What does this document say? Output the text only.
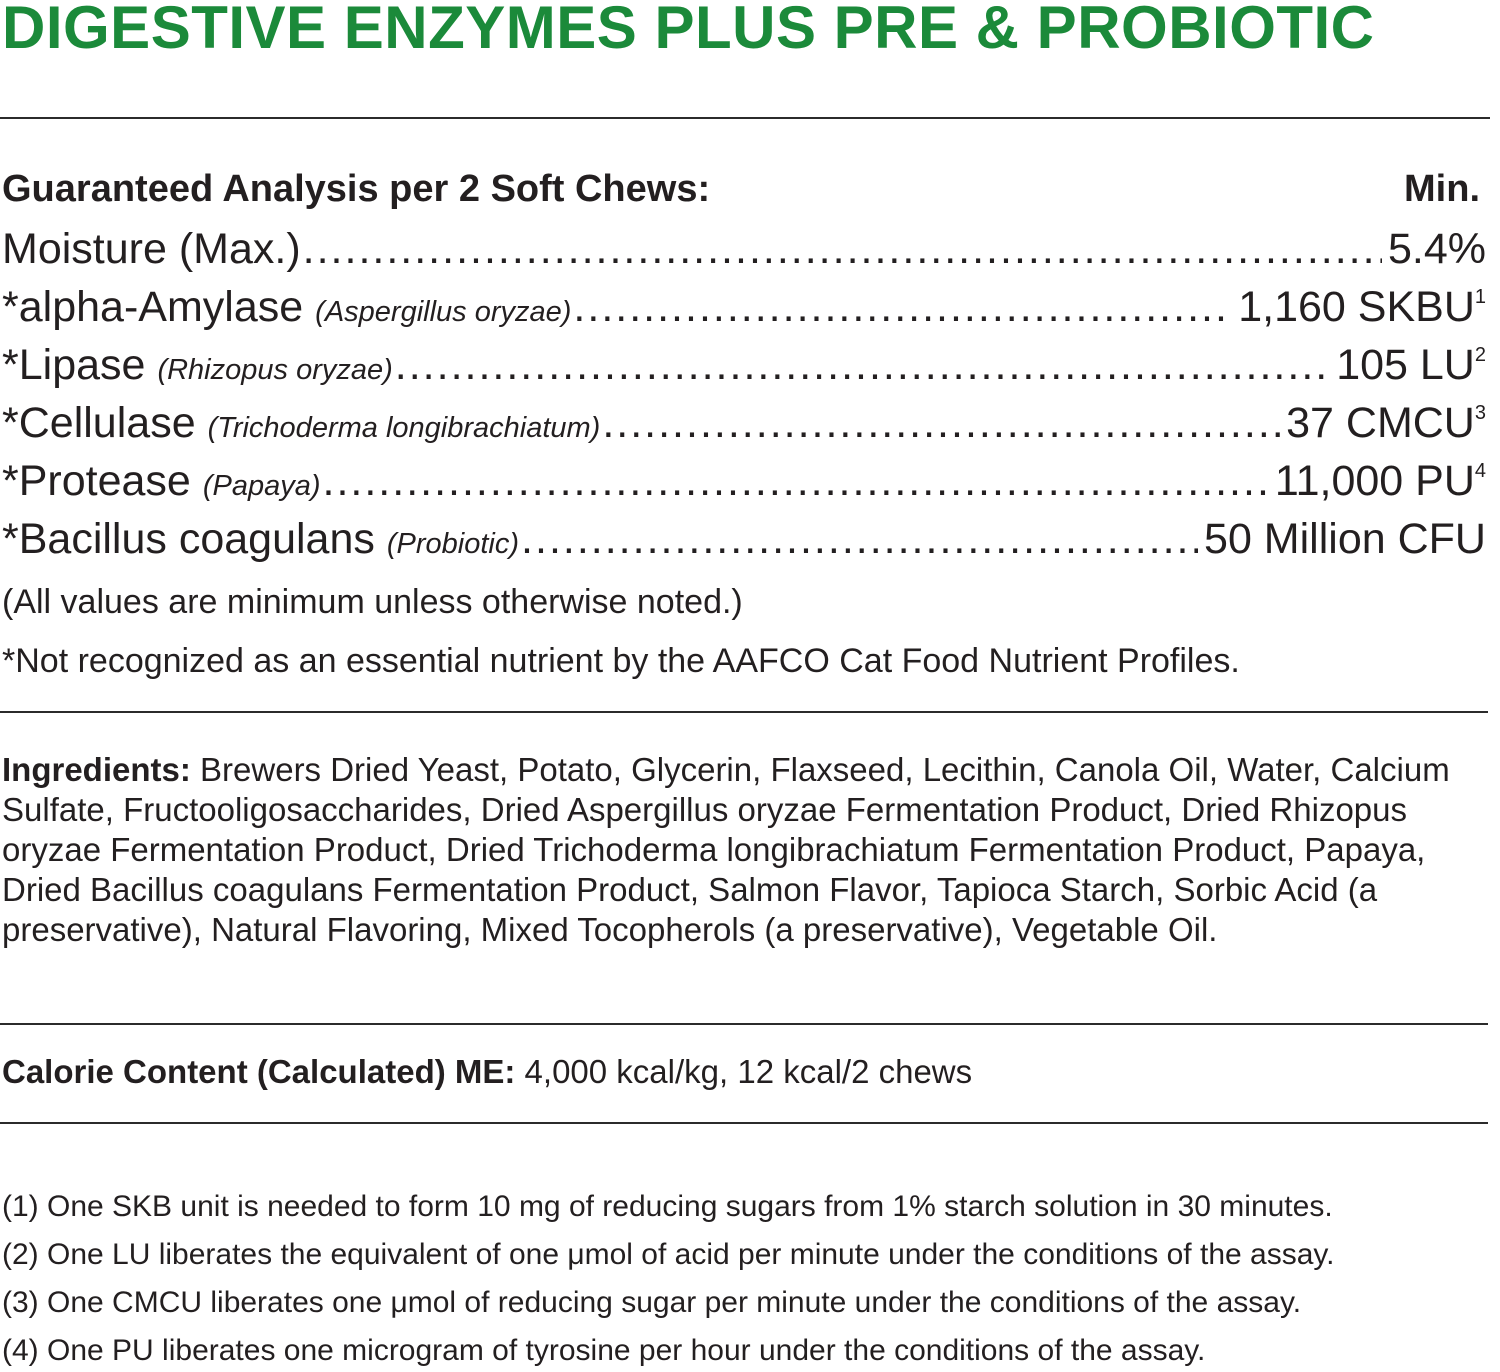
DIGESTIVE ENZYMES PLUS PRE & PROBIOTIC
Guaranteed Analysis per 2 Soft Chews:	Min.
Moisture (Max.) .....	5.4%
*alpha-Amylase (Aspergillus oryzae) .....	1,160 SKBU$^1$
*Lipase (Rhizopus oryzae) .....	105 $LU^2$
*Cellulase (Trichoderma longibrachiatum) .....	37 CMCU$^3$
*Protease (Papaya) .....	11,000 $PU^4$
*Bacillus coagulans (Probiotic) .....	50 Million CFU
(All values are minimum unless otherwise noted.)
*Not recognized as an essential nutrient by the AAFCO Cat Food Nutrient Profiles.
Ingredients: Brewers Dried Yeast, Potato, Glycerin, Flaxseed, Lecithin, Canola Oil, Water, Calcium Sulfate, Fructooligosaccharides, Dried Aspergillus oryzae Fermentation Product, Dried Rhizopus oryzae Fermentation Product, Dried Trichoderma longibrachiatum Fermentation Product, Papaya, Dried Bacillus coagulans Fermentation Product, Salmon Flavor, Tapioca Starch, Sorbic Acid (a preservative), Natural Flavoring, Mixed Tocopherols (a preservative), Vegetable Oil.
Calorie Content (Calculated) ME: 4,000 kcal/kg, 12 kcal/2 chews
(1) One SKB unit is needed to form 10 mg of reducing sugars from 1% starch solution in 30 minutes.
(2) One LU liberates the equivalent of one μmol of acid per minute under the conditions of the assay.
(3) One CMCU liberates one μmol of reducing sugar per minute under the conditions of the assay.
(4) One PU liberates one microgram of tyrosine per hour under the conditions of the assay.
